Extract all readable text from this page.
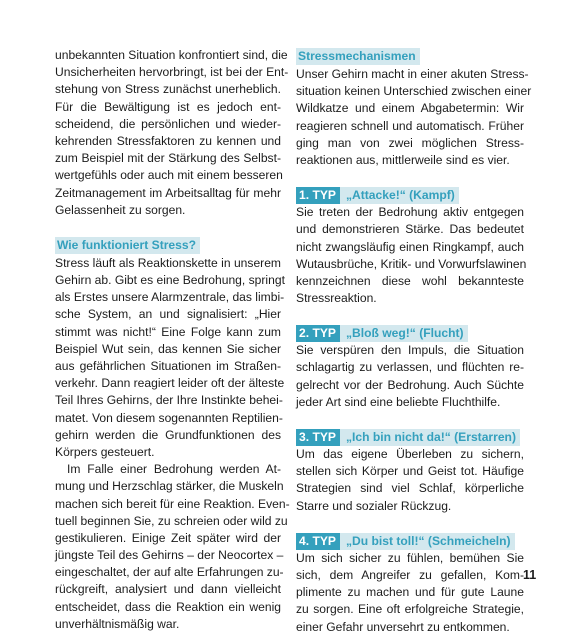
unbekannten Situation konfrontiert sind, die
Unsicherheiten hervorbringt, ist bei der Ent-
stehung von Stress zunächst unerheblich.
Für die Bewältigung ist es jedoch ent-
scheidend, die persönlichen und wieder-
kehrenden Stressfaktoren zu kennen und
zum Beispiel mit der Stärkung des Selbst-
wertgefühls oder auch mit einem besseren
Zeitmanagement im Arbeitsalltag für mehr
Gelassenheit zu sorgen.
Wie funktioniert Stress?
Stress läuft als Reaktionskette in unserem
Gehirn ab. Gibt es eine Bedrohung, springt
als Erstes unsere Alarmzentrale, das limbi-
sche System, an und signalisiert: „Hier
stimmt was nicht!“ Eine Folge kann zum
Beispiel Wut sein, das kennen Sie sicher
aus gefährlichen Situationen im Straßen-
verkehr. Dann reagiert leider oft der älteste
Teil Ihres Gehirns, der Ihre Instinkte behei-
matet. Von diesem sogenannten Reptilien-
gehirn werden die Grundfunktionen des
Körpers gesteuert.
Im Falle einer Bedrohung werden At-
mung und Herzschlag stärker, die Muskeln
machen sich bereit für eine Reaktion. Even-
tuell beginnen Sie, zu schreien oder wild zu
gestikulieren. Einige Zeit später wird der
jüngste Teil des Gehirns – der Neocortex –
eingeschaltet, der auf alte Erfahrungen zu-
rückgreift, analysiert und dann vielleicht
entscheidet, dass die Reaktion ein wenig
unverhältnismäßig war.
Stressmechanismen
Unser Gehirn macht in einer akuten Stress-
situation keinen Unterschied zwischen einer
Wildkatze und einem Abgabetermin: Wir
reagieren schnell und automatisch. Früher
ging man von zwei möglichen Stress-
reaktionen aus, mittlerweile sind es vier.
1. TYP „Attacke!“ (Kampf)
Sie treten der Bedrohung aktiv entgegen
und demonstrieren Stärke. Das bedeutet
nicht zwangsläufig einen Ringkampf, auch
Wutausbrüche, Kritik- und Vorwurfslawinen
kennzeichnen diese wohl bekannteste
Stressreaktion.
2. TYP „Bloß weg!“ (Flucht)
Sie verspüren den Impuls, die Situation
schlagartig zu verlassen, und flüchten re-
gelrecht vor der Bedrohung. Auch Süchte
jeder Art sind eine beliebte Fluchthilfe.
3. TYP „Ich bin nicht da!“ (Erstarren)
Um das eigene Überleben zu sichern,
stellen sich Körper und Geist tot. Häufige
Strategien sind viel Schlaf, körperliche
Starre und sozialer Rückzug.
4. TYP „Du bist toll!“ (Schmeicheln)
Um sich sicher zu fühlen, bemühen Sie
sich, dem Angreifer zu gefallen, Kom-
plimente zu machen und für gute Laune
zu sorgen. Eine oft erfolgreiche Strategie,
einer Gefahr unversehrt zu entkommen.
11
